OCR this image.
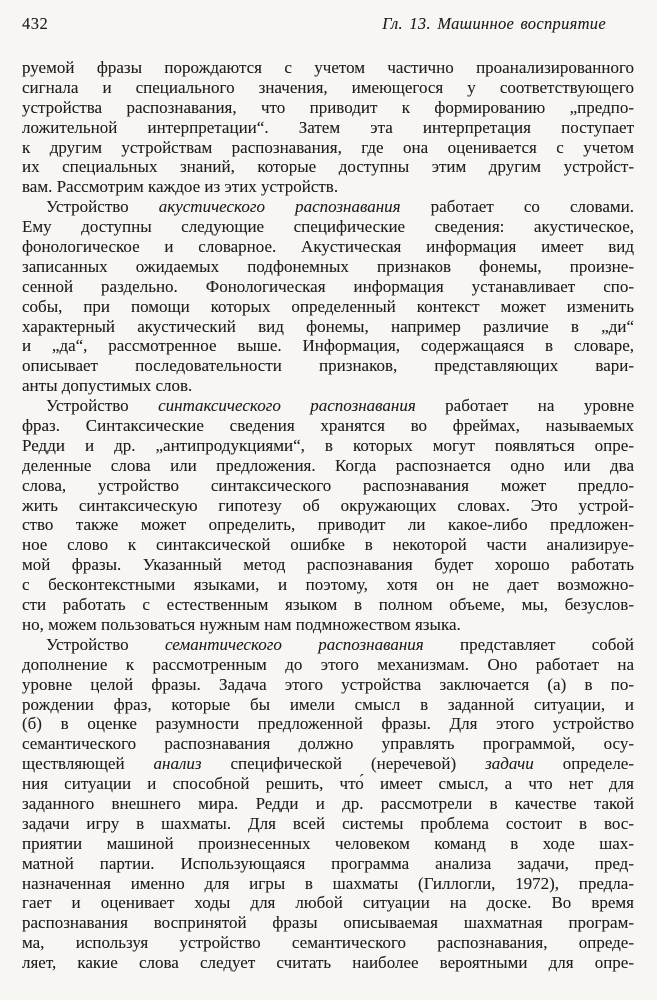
432	Гл. 13. Машинное восприятие
руемой фразы порождаются с учетом частично проанализированного
сигнала и специального значения, имеющегося у соответствующего
устройства распознавания, что приводит к формированию „предпо-
ложительной интерпретации“. Затем эта интерпретация поступает
к другим устройствам распознавания, где она оценивается с учетом
их специальных знаний, которые доступны этим другим устройст-
вам. Рассмотрим каждое из этих устройств.
Устройство акустического распознавания работает со словами.
Ему доступны следующие специфические сведения: акустическое,
фонологическое и словарное. Акустическая информация имеет вид
записанных ожидаемых подфонемных признаков фонемы, произне-
сенной раздельно. Фонологическая информация устанавливает спо-
собы, при помощи которых определенный контекст может изменить
характерный акустический вид фонемы, например различие в „ди“
и „да“, рассмотренное выше. Информация, содержащаяся в словаре,
описывает последовательности признаков, представляющих вари-
анты допустимых слов.
Устройство синтаксического распознавания работает на уровне
фраз. Синтаксические сведения хранятся во фреймах, называемых
Редди и др. „антипродукциями“, в которых могут появляться опре-
деленные слова или предложения. Когда распознается одно или два
слова, устройство синтаксического распознавания может предло-
жить синтаксическую гипотезу об окружающих словах. Это устрой-
ство также может определить, приводит ли какое-либо предложен-
ное слово к синтаксической ошибке в некоторой части анализируе-
мой фразы. Указанный метод распознавания будет хорошо работать
с бесконтекстными языками, и поэтому, хотя он не дает возможно-
сти работать с естественным языком в полном объеме, мы, безуслов-
но, можем пользоваться нужным нам подмножеством языка.
Устройство семантического распознавания представляет собой
дополнение к рассмотренным до этого механизмам. Оно работает на
уровне целой фразы. Задача этого устройства заключается (а) в по-
рождении фраз, которые бы имели смысл в заданной ситуации, и
(б) в оценке разумности предложенной фразы. Для этого устройство
семантического распознавания должно управлять программой, осу-
ществляющей анализ специфической (неречевой) задачи определе-
ния ситуации и способной решить, что́ имеет смысл, а что нет для
заданного внешнего мира. Редди и др. рассмотрели в качестве такой
задачи игру в шахматы. Для всей системы проблема состоит в вос-
приятии машиной произнесенных человеком команд в ходе шах-
матной партии. Использующаяся программа анализа задачи, пред-
назначенная именно для игры в шахматы (Гиллогли, 1972), предла-
гает и оценивает ходы для любой ситуации на доске. Во время
распознавания воспринятой фразы описываемая шахматная програм-
ма, используя устройство семантического распознавания, опреде-
ляет, какие слова следует считать наиболее вероятными для опре-
